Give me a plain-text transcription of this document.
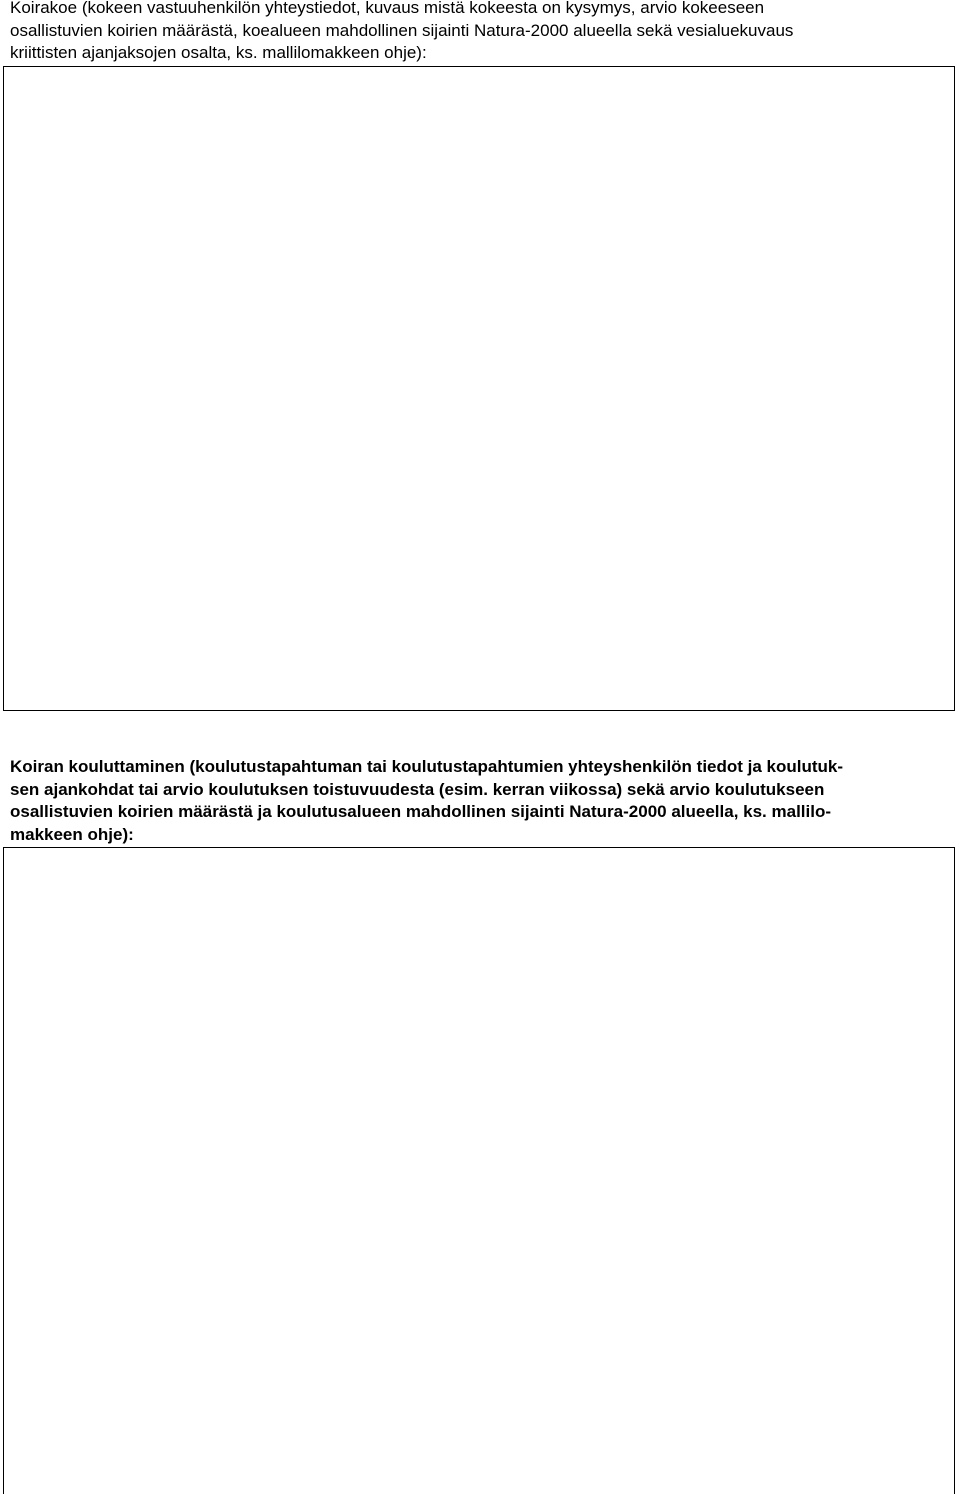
Koirakoe (kokeen vastuuhenkilön yhteystiedot, kuvaus mistä kokeesta on kysymys, arvio kokeeseen
osallistuvien koirien määrästä, koealueen mahdollinen sijainti Natura-2000 alueella sekä vesialuekuvaus
kriittisten ajanjaksojen osalta, ks. mallilomakkeen ohje):
Koiran kouluttaminen (koulutustapahtuman tai koulutustapahtumien yhteyshenkilön tiedot ja koulutuk-
sen ajankohdat tai arvio koulutuksen toistuvuudesta (esim. kerran viikossa) sekä arvio koulutukseen
osallistuvien koirien määrästä ja koulutusalueen mahdollinen sijainti Natura-2000 alueella, ks. mallilo-
makkeen ohje):
